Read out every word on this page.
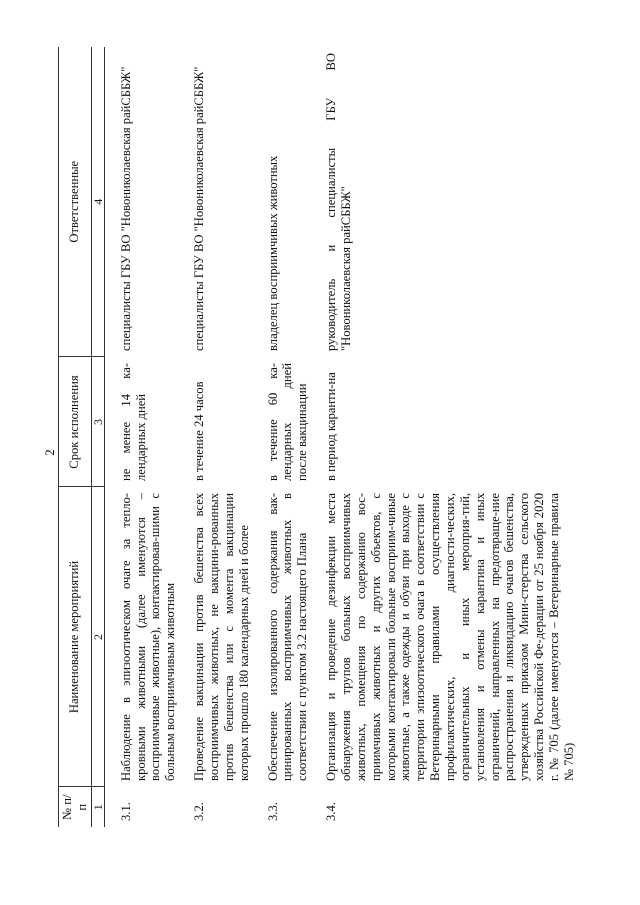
2
№ п/п	Наименование мероприятий	Срок исполнения	Ответственные
1	2	3	4

3.1.	Наблюдение в эпизоотическом очаге за тепло-кровными животными (далее именуются – восприимчивые животные), контактировав-шими с больным восприимчивым животным	не менее 14 ка-лендарных дней	специалисты ГБУ ВО "Новониколаевская райСББЖ"
3.2.	Проведение вакцинации против бешенства всех восприимчивых животных, не вакцини-рованных против бешенства или с момента вакцинации которых прошло 180 календарных дней и более	в течение 24 часов	специалисты ГБУ ВО "Новониколаевская райСББЖ"
3.3.	Обеспечение изолированного содержания вак-цинированных восприимчивых животных в соответствии с пунктом 3.2 настоящего Плана	в течение 60 ка-лендарных дней после вакцинации	владелец восприимчивых животных
3.4.	Организация и проведение дезинфекции места обнаружения трупов больных восприимчивых животных, помещения по содержанию вос-приимчивых животных и других объектов, с которыми контактировали больные восприим-чивые животные, а также одежды и обуви при выходе с территории эпизоотического очага в соответствии с Ветеринарными правилами осуществления профилактических, диагности-ческих, ограничительных и иных мероприя-тий, установления и отмены карантина и иных ограничений, направленных на предотвраще-ние распространения и ликвидацию очагов бешенства, утвержденных приказом Мини-стерства сельского хозяйства Российской Фе-дерации от 25 ноября 2020 г. № 705 (далее именуются – Ветеринарные правила № 705)	в период каранти-на	руководитель и специалисты ГБУ ВО "Новониколаевская райСББЖ"
